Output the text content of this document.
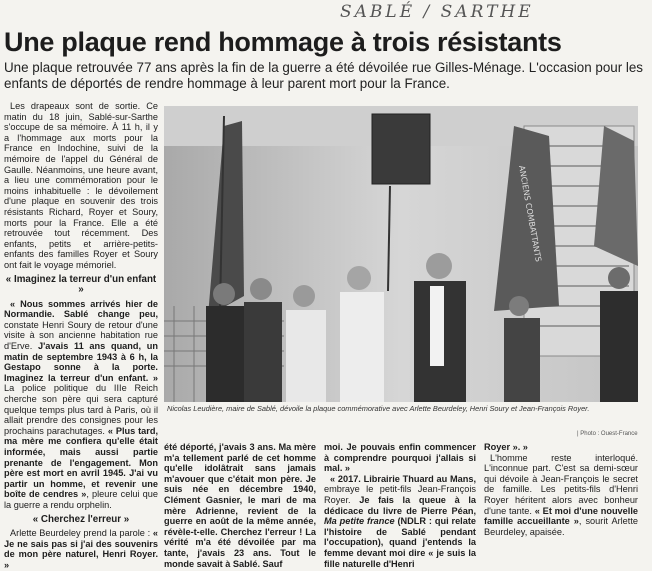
SABLÉ / SARTHE
Une plaque rend hommage à trois résistants

Une plaque retrouvée 77 ans après la fin de la guerre a été dévoilée rue Gilles-Ménage. L'occasion pour les enfants de déportés de rendre hommage à leur parent mort pour la France.

Les drapeaux sont de sortie. Ce matin du 18 juin, Sablé-sur-Sarthe s'occupe de sa mémoire. À 11 h, il y a l'hommage aux morts pour la France en Indochine, suivi de la mémoire de l'appel du Général de Gaulle. Néanmoins, une heure avant, a lieu une commémoration pour le moins inhabituelle : le dévoilement d'une plaque en souvenir des trois résistants Richard, Royer et Soury, morts pour la France. Elle a été retrouvée tout récemment. Des enfants, petits et arrière-petits-enfants des familles Royer et Soury ont fait le voyage mémoriel.

« Imaginez la terreur d'un enfant »

« Nous sommes arrivés hier de Normandie. Sablé change peu, constate Henri Soury de retour d'une visite à son ancienne habitation rue d'Erve. J'avais 11 ans quand, un matin de septembre 1943 à 6 h, la Gestapo sonne à la porte. Imaginez la terreur d'un enfant. » La police politique du IIIe Reich cherche son père qui sera capturé quelque temps plus tard à Paris, où il allait prendre des consignes pour les prochains parachutages. « Plus tard, ma mère me confiera qu'elle était informée, mais aussi partie prenante de l'engagement. Mon père est mort en avril 1945. J'ai vu partir un homme, et revenir une boîte de cendres », pleure celui que la guerre a rendu orphelin.

« Cherchez l'erreur »

Arlette Beurdeley prend la parole : « Je ne sais pas si j'ai des souvenirs de mon père naturel, Henri Royer. »

ANCIENS COMBATTANTS
Nicolas Leudière, maire de Sablé, dévoile la plaque commémorative avec Arlette Beurdeley, Henri Soury et Jean-François Royer.
| Photo : Ouest-France

été déporté, j'avais 3 ans. Ma mère m'a tellement parlé de cet homme qu'elle idolâtrait sans jamais m'avouer que c'était mon père. Je suis née en décembre 1940, Clément Gasnier, le mari de ma mère Adrienne, revient de la guerre en août de la même année, révèle-t-elle. Cherchez l'erreur ! La vérité m'a été dévoilée par ma tante, j'avais 23 ans. Tout le monde savait à Sablé. Sauf

moi. Je pouvais enfin commencer à comprendre pourquoi j'allais si mal. »

« 2017. Librairie Thuard au Mans, embraye le petit-fils Jean-François Royer. Je fais la queue à la dédicace du livre de Pierre Péan, Ma petite france (NDLR : qui relate l'histoire de Sablé pendant l'occupation), quand j'entends la femme devant moi dire « je suis la fille naturelle d'Henri

Royer ». »

L'homme reste interloqué. L'inconnue part. C'est sa demi-sœur qui dévoile à Jean-François le secret de famille. Les petits-fils d'Henri Royer héritent alors avec bonheur d'une tante. « Et moi d'une nouvelle famille accueillante », sourit Arlette Beurdeley, apaisée.
